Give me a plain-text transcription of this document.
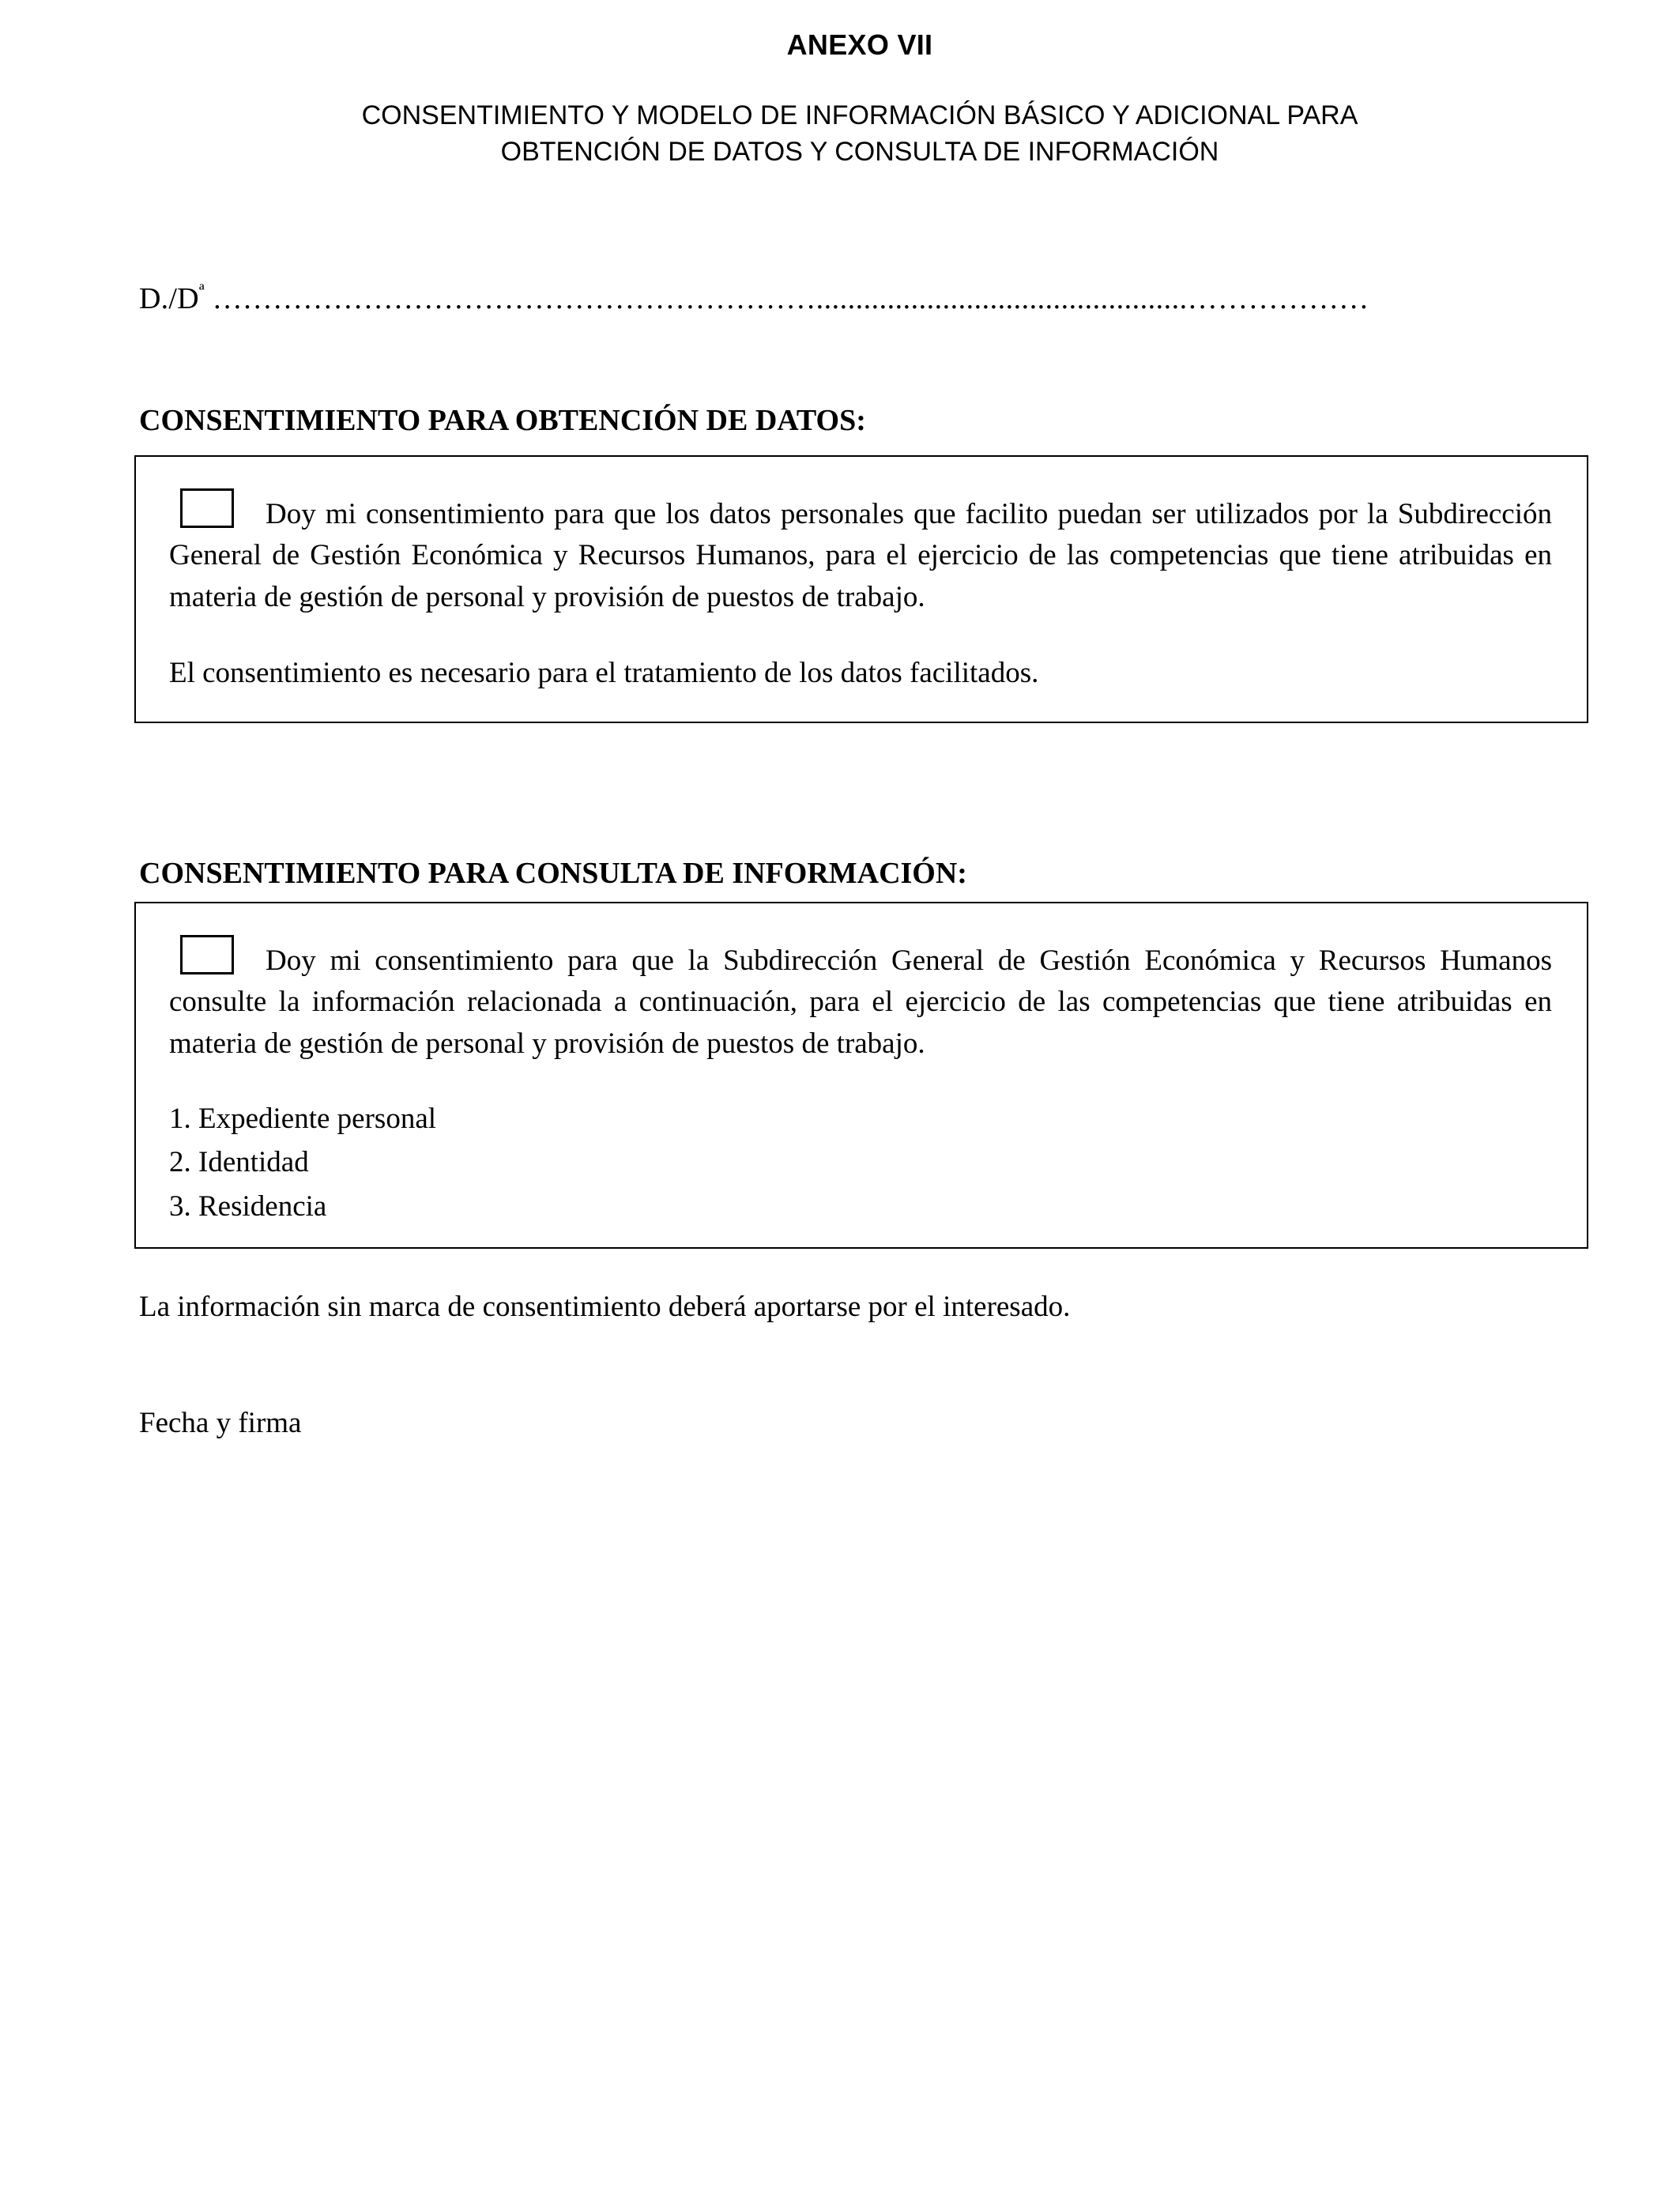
ANEXO VII
CONSENTIMIENTO Y MODELO DE INFORMACIÓN BÁSICO Y ADICIONAL PARA
OBTENCIÓN DE DATOS Y CONSULTA DE INFORMACIÓN
$D./D^ª$ ……………………………………………………...............................................………………
CONSENTIMIENTO PARA OBTENCIÓN DE DATOS:

Doy mi consentimiento para que los datos personales que facilito puedan ser utilizados por la Subdirección General de Gestión Económica y Recursos Humanos, para el ejercicio de las competencias que tiene atribuidas en materia de gestión de personal y provisión de puestos de trabajo.

El consentimiento es necesario para el tratamiento de los datos facilitados.

CONSENTIMIENTO PARA CONSULTA DE INFORMACIÓN:

Doy mi consentimiento para que la Subdirección General de Gestión Económica y Recursos Humanos consulte la información relacionada a continuación, para el ejercicio de las competencias que tiene atribuidas en materia de gestión de personal y provisión de puestos de trabajo.

1. Expediente personal
2. Identidad
3. Residencia
La información sin marca de consentimiento deberá aportarse por el interesado.
Fecha y firma
